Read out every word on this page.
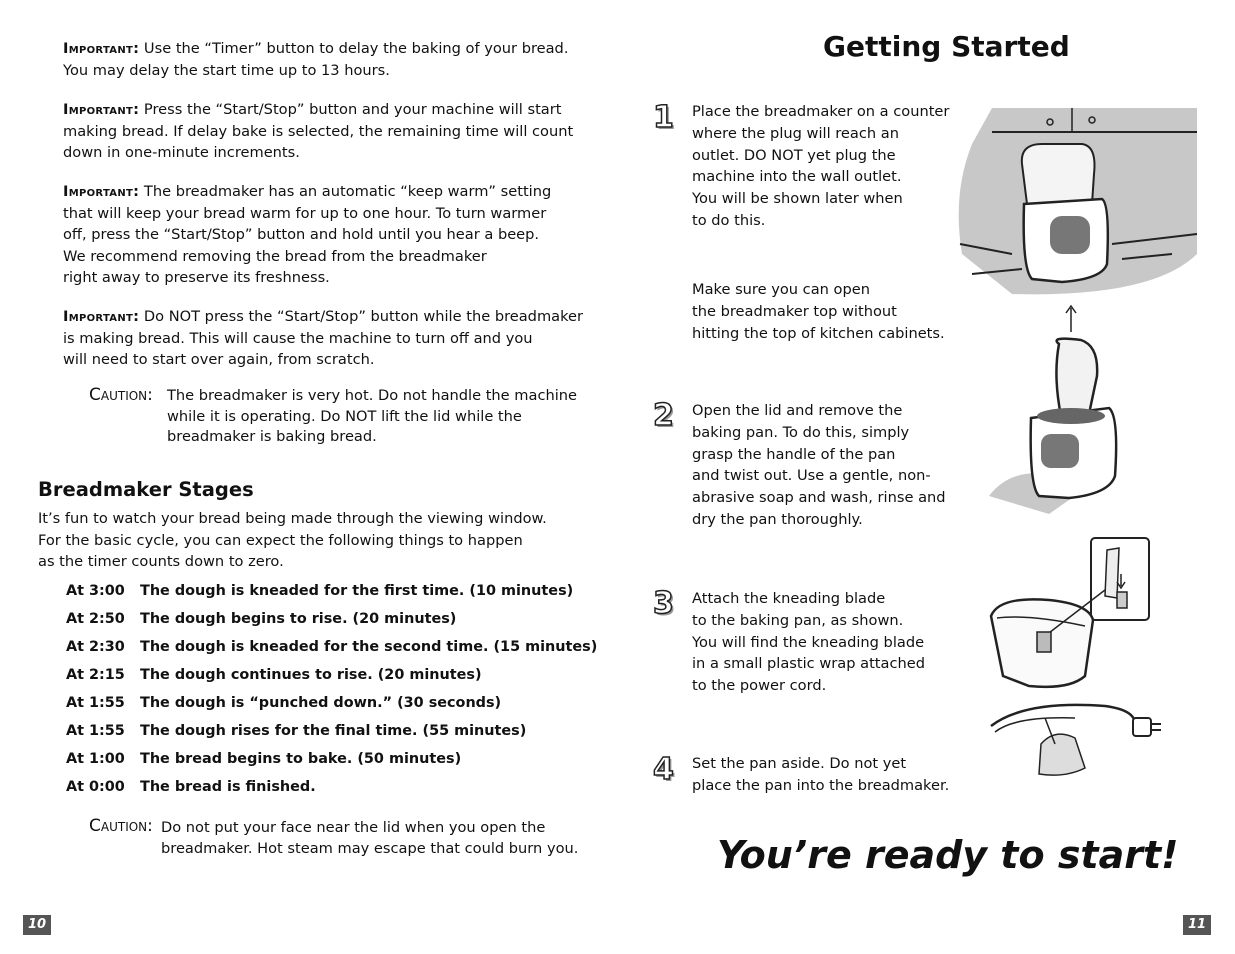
Important: Use the “Timer” button to delay the baking of your bread.
You may delay the start time up to 13 hours.
Important: Press the “Start/Stop” button and your machine will start
making bread. If delay bake is selected, the remaining time will count
down in one-minute increments.
Important: The breadmaker has an automatic “keep warm” setting
that will keep your bread warm for up to one hour. To turn warmer
off, press the “Start/Stop” button and hold until you hear a beep.
We recommend removing the bread from the breadmaker
right away to preserve its freshness.
Important: Do NOT press the “Start/Stop” button while the breadmaker
is making bread. This will cause the machine to turn off and you
will need to start over again, from scratch.
Caution: The breadmaker is very hot. Do not handle the machine
while it is operating. Do NOT lift the lid while the
breadmaker is baking bread.
Breadmaker Stages
It’s fun to watch your bread being made through the viewing window.
For the basic cycle, you can expect the following things to happen
as the timer counts down to zero.
At 3:00 The dough is kneaded for the first time. (10 minutes)
At 2:50 The dough begins to rise. (20 minutes)
At 2:30 The dough is kneaded for the second time. (15 minutes)
At 2:15 The dough continues to rise. (20 minutes)
At 1:55 The dough is “punched down.” (30 seconds)
At 1:55 The dough rises for the final time. (55 minutes)
At 1:00 The bread begins to bake. (50 minutes)
At 0:00 The bread is finished.
Caution: Do not put your face near the lid when you open the
breadmaker. Hot steam may escape that could burn you.
10
Getting Started
1 Place the breadmaker on a counter
where the plug will reach an
outlet. DO NOT yet plug the
machine into the wall outlet.
You will be shown later when
to do this.
Make sure you can open
the breadmaker top without
hitting the top of kitchen cabinets.
2 Open the lid and remove the
baking pan. To do this, simply
grasp the handle of the pan
and twist out. Use a gentle, non-
abrasive soap and wash, rinse and
dry the pan thoroughly.
3 Attach the kneading blade
to the baking pan, as shown.
You will find the kneading blade
in a small plastic wrap attached
to the power cord.
4 Set the pan aside. Do not yet
place the pan into the breadmaker.
You’re ready to start!
11
